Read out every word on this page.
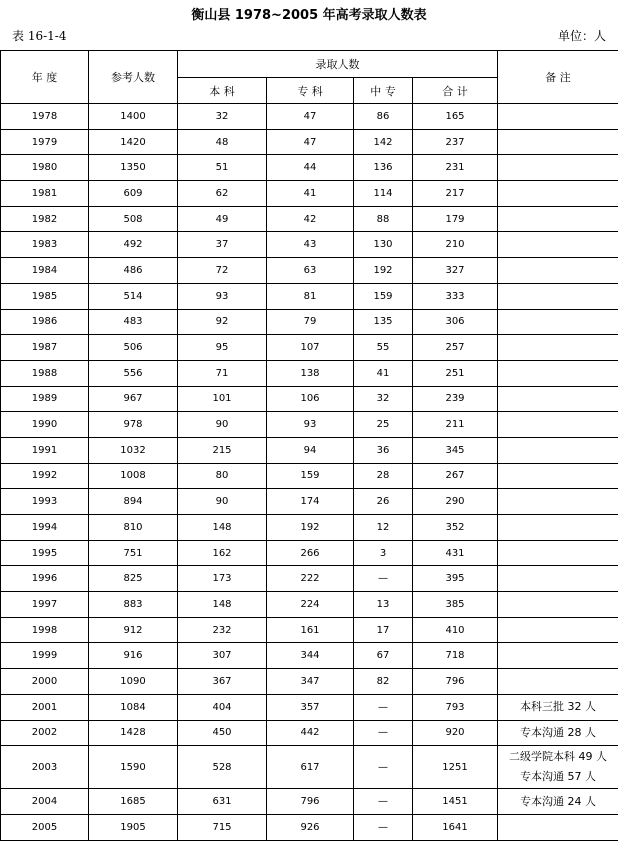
衡山县 1978~2005 年高考录取人数表
表 16-1-4	单位：人
年 度	参考人数	录取人数				备 注
		本 科	专 科	中 专	合 计	
1978	1400	32	47	86	165	
1979	1420	48	47	142	237	
1980	1350	51	44	136	231	
1981	609	62	41	114	217	
1982	508	49	42	88	179	
1983	492	37	43	130	210	
1984	486	72	63	192	327	
1985	514	93	81	159	333	
1986	483	92	79	135	306	
1987	506	95	107	55	257	
1988	556	71	138	41	251	
1989	967	101	106	32	239	
1990	978	90	93	25	211	
1991	1032	215	94	36	345	
1992	1008	80	159	28	267	
1993	894	90	174	26	290	
1994	810	148	192	12	352	
1995	751	162	266	3	431	
1996	825	173	222	—	395	
1997	883	148	224	13	385	
1998	912	232	161	17	410	
1999	916	307	344	67	718	
2000	1090	367	347	82	796	
2001	1084	404	357	—	793	本科三批 32 人

2002	1428	450	442	—	920	专本沟通 28 人

2003	1590	528	617	—	1251	二级学院本科 49 人
专本沟通 57 人

2004	1685	631	796	—	1451	专本沟通 24 人

2005	1905	715	926	—	1641	
